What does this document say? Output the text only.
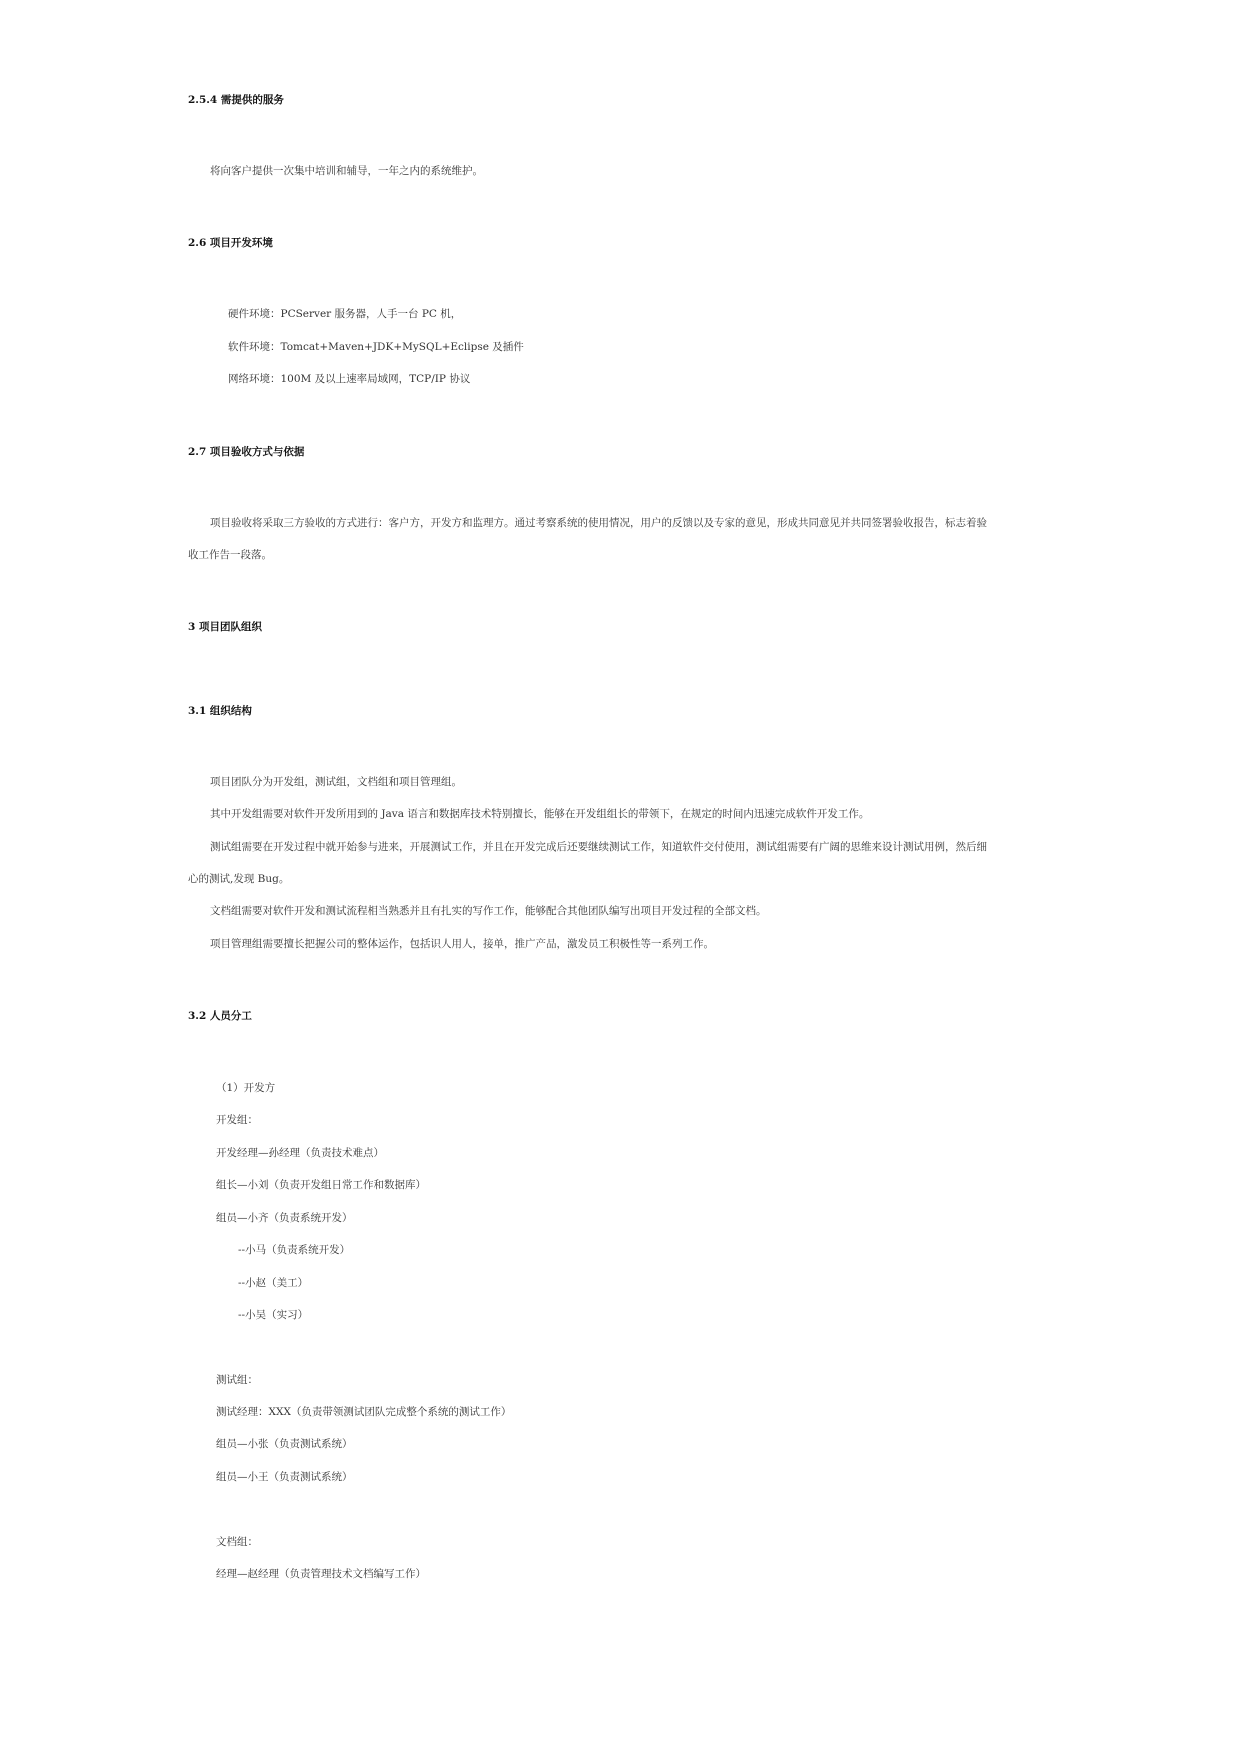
2.5.4 需提供的服务
将向客户提供一次集中培训和辅导，一年之内的系统维护。
2.6 项目开发环境
硬件环境：PCServer 服务器，人手一台 PC 机，
软件环境：Tomcat+Maven+JDK+MySQL+Eclipse 及插件
网络环境：100M 及以上速率局域网，TCP/IP 协议
2.7 项目验收方式与依据
项目验收将采取三方验收的方式进行：客户方，开发方和监理方。通过考察系统的使用情况，用户的反馈以及专家的意见，形成共同意见并共同签署验收报告，标志着验
收工作告一段落。
3 项目团队组织
3.1 组织结构
项目团队分为开发组，测试组，文档组和项目管理组。
其中开发组需要对软件开发所用到的 Java 语言和数据库技术特别擅长，能够在开发组组长的带领下，在规定的时间内迅速完成软件开发工作。
测试组需要在开发过程中就开始参与进来，开展测试工作，并且在开发完成后还要继续测试工作，知道软件交付使用，测试组需要有广阔的思维来设计测试用例，然后细
心的测试,发现 Bug。
文档组需要对软件开发和测试流程相当熟悉并且有扎实的写作工作，能够配合其他团队编写出项目开发过程的全部文档。
项目管理组需要擅长把握公司的整体运作，包括识人用人，接单，推广产品，激发员工积极性等一系列工作。
3.2 人员分工
（1）开发方
开发组：
开发经理—孙经理（负责技术难点）
组长—小刘（负责开发组日常工作和数据库）
组员—小齐（负责系统开发）
--小马（负责系统开发）
--小赵（美工）
--小吴（实习）
测试组：
测试经理：XXX（负责带领测试团队完成整个系统的测试工作）
组员—小张（负责测试系统）
组员—小王（负责测试系统）
文档组：
经理—赵经理（负责管理技术文档编写工作）
